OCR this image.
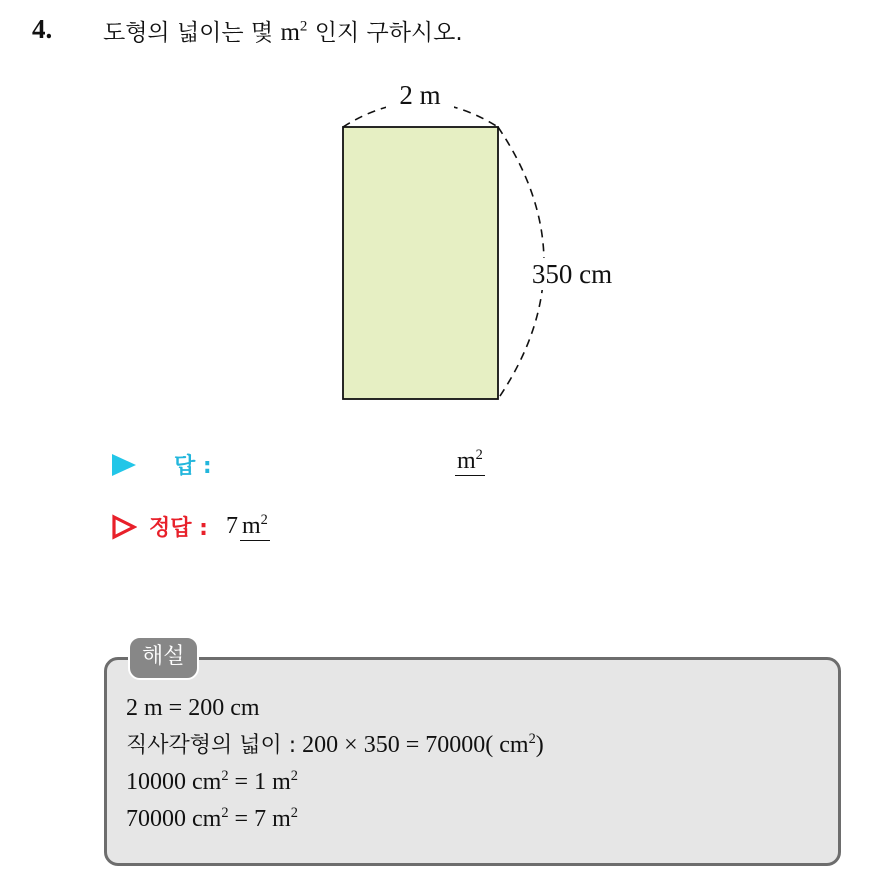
4. 도형의 넓이는 몇 $m^2$ 인지 구하시오.
2 m
350 cm
답 :	$m^2$
정답 : 7 $m^2$
해설
2 m = 200 cm
직사각형의 넓이 : 200 × 350 = 70000( $cm^2$)
10000 $cm^2 = 1$ $m^2$
70000 $cm^2 = 7$ $m^2$
